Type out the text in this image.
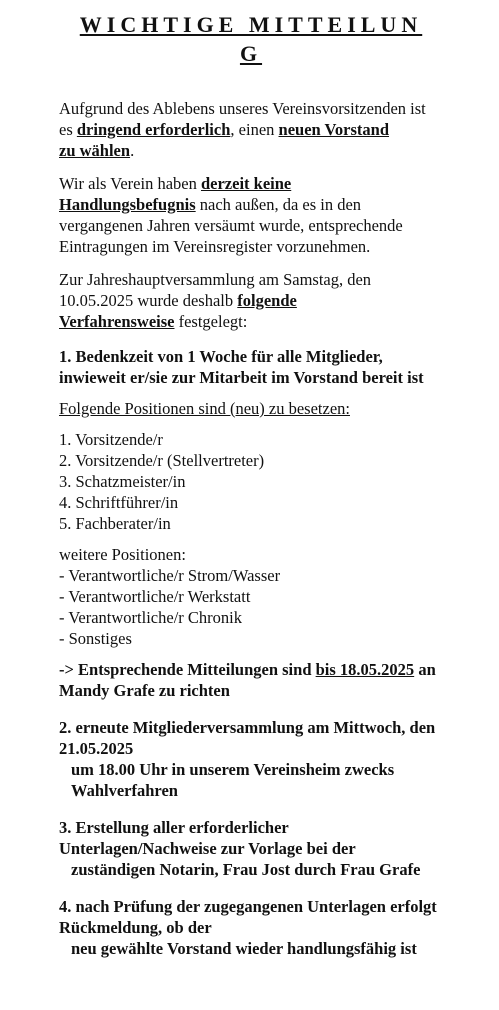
WICHTIGE MITTEILUN
G

Aufgrund des Ablebens unseres Vereinsvorsitzenden ist es dringend erforderlich, einen neuen Vorstand
zu wählen.

Wir als Verein haben derzeit keine
Handlungsbefugnis nach außen, da es in den vergangenen Jahren versäumt wurde, entsprechende Eintragungen im Vereinsregister vorzunehmen.

Zur Jahreshauptversammlung am Samstag, den 10.05.2025 wurde deshalb folgende
Verfahrensweise festgelegt:

1. Bedenkzeit von 1 Woche für alle Mitglieder, inwieweit er/sie zur Mitarbeit im Vorstand bereit ist

Folgende Positionen sind (neu) zu besetzen:

1. Vorsitzende/r
2. Vorsitzende/r (Stellvertreter)
3. Schatzmeister/in
4. Schriftführer/in
5. Fachberater/in

weitere Positionen:

- Verantwortliche/r Strom/Wasser
- Verantwortliche/r Werkstatt
- Verantwortliche/r Chronik
- Sonstiges

-> Entsprechende Mitteilungen sind bis 18.05.2025 an Mandy Grafe zu richten

2. erneute Mitgliederversammlung am Mittwoch, den 21.05.2025

um 18.00 Uhr in unserem Vereinsheim zwecks Wahlverfahren

3. Erstellung aller erforderlicher Unterlagen/Nachweise zur Vorlage bei der

zuständigen Notarin, Frau Jost durch Frau Grafe

4. nach Prüfung der zugegangenen Unterlagen erfolgt Rückmeldung, ob der

neu gewählte Vorstand wieder handlungsfähig ist
